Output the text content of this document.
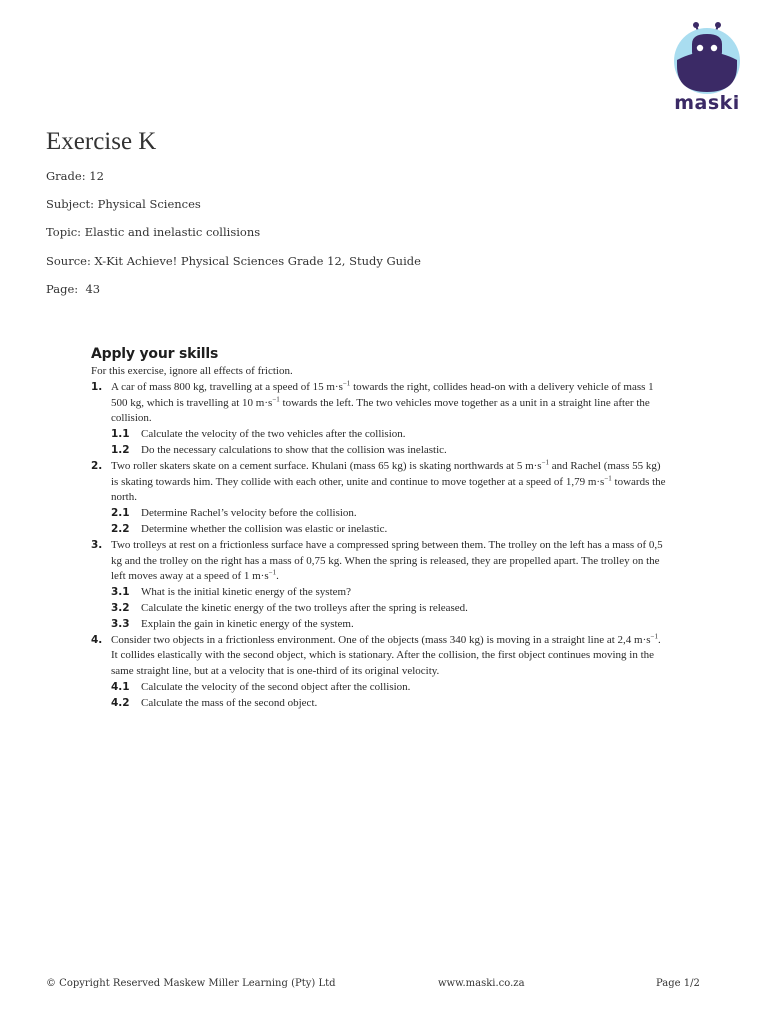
maski
Exercise K

Grade: 12

Subject: Physical Sciences

Topic: Elastic and inelastic collisions

Source: X-Kit Achieve! Physical Sciences Grade 12, Study Guide

Page: 43

Apply your skills

For this exercise, ignore all effects of friction.

1. A car of mass 800 kg, travelling at a speed of 15 $m\cdot s^{-1}$ towards the right, collides head-on with a delivery vehicle of mass 1 500 kg, which is travelling at 10 $m\cdot s^{-1}$ towards the left. The two vehicles move together as a unit in a straight line after the collision.
1.1 Calculate the velocity of the two vehicles after the collision.
1.2 Do the necessary calculations to show that the collision was inelastic.
2. Two roller skaters skate on a cement surface. Khulani (mass 65 kg) is skating northwards at 5 $m\cdot s^{-1}$ and Rachel (mass 55 kg) is skating towards him. They collide with each other, unite and continue to move together at a speed of 1,79 $m\cdot s^{-1}$ towards the north.
2.1 Determine Rachel’s velocity before the collision.
2.2 Determine whether the collision was elastic or inelastic.
3. Two trolleys at rest on a frictionless surface have a compressed spring between them. The trolley on the left has a mass of 0,5 kg and the trolley on the right has a mass of 0,75 kg. When the spring is released, they are propelled apart. The trolley on the left moves away at a speed of 1 $m\cdot s^{-1}$.
3.1 What is the initial kinetic energy of the system?
3.2 Calculate the kinetic energy of the two trolleys after the spring is released.
3.3 Explain the gain in kinetic energy of the system.
4. Consider two objects in a frictionless environment. One of the objects (mass 340 kg) is moving in a straight line at 2,4 $m\cdot s^{-1}$. It collides elastically with the second object, which is stationary. After the collision, the first object continues moving in the same straight line, but at a velocity that is one-third of its original velocity.
4.1 Calculate the velocity of the second object after the collision.
4.2 Calculate the mass of the second object.
© Copyright Reserved Maskew Miller Learning (Pty) Ltd	www.maski.co.za	Page 1/2
